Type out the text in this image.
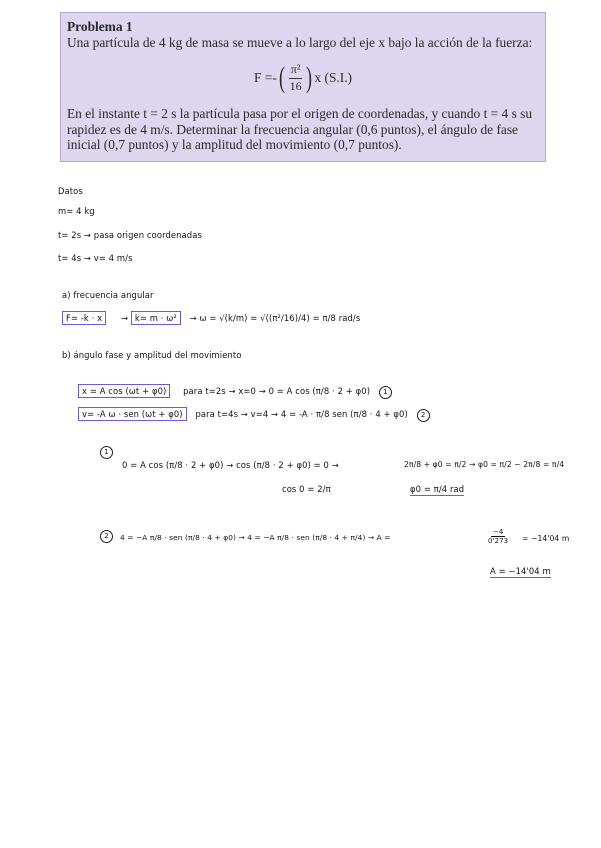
Problema 1
Una partícula de 4 kg de masa se mueve a lo largo del eje x bajo la acción de la fuerza:
F =- ( $\frac{\text{π²}}{16}$ ) x (S.I.)
En el instante t = 2 s la partícula pasa por el origen de coordenadas, y cuando t = 4 s su rapidez es de 4 m/s. Determinar la frecuencia angular (0,6 puntos), el ángulo de fase inicial (0,7 puntos) y la amplitud del movimiento (0,7 puntos).
Datos
m= 4 kg
t= 2s → pasa origen coordenadas
t= 4s → v= 4 m/s
a) frecuencia angular
F= -k · x → k= m · ω² → ω = √(k/m) = √((π²/16)/4) = π/8 rad/s
b) ángulo fase y amplitud del movimiento
x = A cos (ωt + φ0) para t=2s → x=0 → 0 = A cos (π/8 · 2 + φ0) 1
v= -A ω · sen (ωt + φ0) para t=4s → v=4 → 4 = -A · π/8 sen (π/8 · 4 + φ0) 2
1
0 = A cos (π/8 · 2 + φ0) → cos (π/8 · 2 + φ0) = 0 →	2π/8 + φ0 = π/2 → φ0 = π/2 − 2π/8 = π/4
cos 0 = 2/π	φ0 = π/4 rad
2	4 = −A π/8 · sen (π/8 · 4 + φ0) → 4 = −A π/8 · sen (π/8 · 4 + π/4) → A =	$\frac{-4}{0'273} = -14'04$ m
A = −14'04 m
